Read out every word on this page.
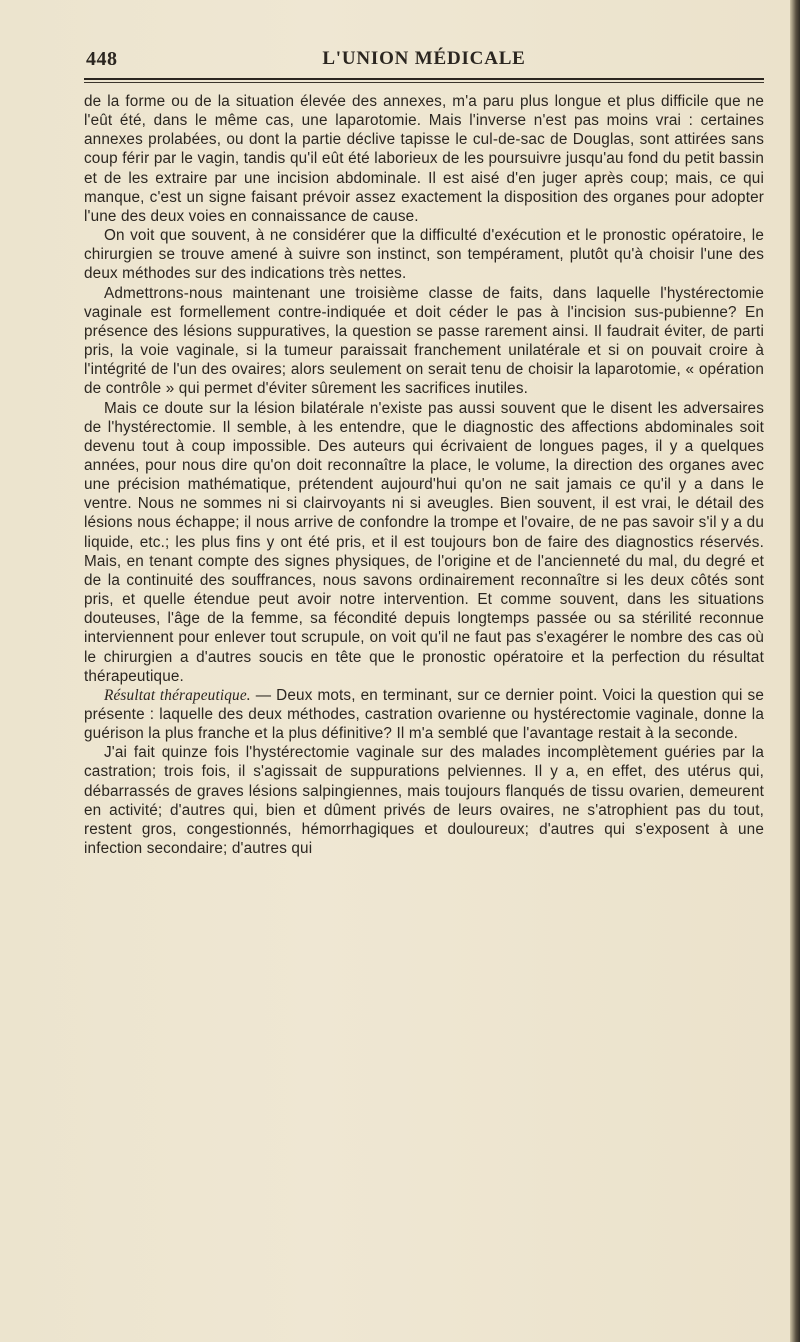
448	L'UNION MÉDICALE

de la forme ou de la situation élevée des annexes, m'a paru plus longue et plus difficile que ne l'eût été, dans le même cas, une laparotomie. Mais l'inverse n'est pas moins vrai : certaines annexes prolabées, ou dont la partie déclive tapisse le cul-de-sac de Douglas, sont attirées sans coup férir par le vagin, tandis qu'il eût été laborieux de les poursuivre jusqu'au fond du petit bassin et de les extraire par une incision abdominale. Il est aisé d'en juger après coup; mais, ce qui manque, c'est un signe faisant prévoir assez exactement la disposition des organes pour adopter l'une des deux voies en connaissance de cause.

On voit que souvent, à ne considérer que la difficulté d'exécution et le pronostic opératoire, le chirurgien se trouve amené à suivre son instinct, son tempérament, plutôt qu'à choisir l'une des deux méthodes sur des indications très nettes.

Admettrons-nous maintenant une troisième classe de faits, dans laquelle l'hystérectomie vaginale est formellement contre-indiquée et doit céder le pas à l'incision sus-pubienne? En présence des lésions suppuratives, la question se passe rarement ainsi. Il faudrait éviter, de parti pris, la voie vaginale, si la tumeur paraissait franchement unilatérale et si on pouvait croire à l'intégrité de l'un des ovaires; alors seulement on serait tenu de choisir la laparotomie, « opération de contrôle » qui permet d'éviter sûrement les sacrifices inutiles.

Mais ce doute sur la lésion bilatérale n'existe pas aussi souvent que le disent les adversaires de l'hystérectomie. Il semble, à les entendre, que le diagnostic des affections abdominales soit devenu tout à coup impossible. Des auteurs qui écrivaient de longues pages, il y a quelques années, pour nous dire qu'on doit reconnaître la place, le volume, la direction des organes avec une précision mathématique, prétendent aujourd'hui qu'on ne sait jamais ce qu'il y a dans le ventre. Nous ne sommes ni si clairvoyants ni si aveugles. Bien souvent, il est vrai, le détail des lésions nous échappe; il nous arrive de confondre la trompe et l'ovaire, de ne pas savoir s'il y a du liquide, etc.; les plus fins y ont été pris, et il est toujours bon de faire des diagnostics réservés. Mais, en tenant compte des signes physiques, de l'origine et de l'ancienneté du mal, du degré et de la continuité des souffrances, nous savons ordinairement reconnaître si les deux côtés sont pris, et quelle étendue peut avoir notre intervention. Et comme souvent, dans les situations douteuses, l'âge de la femme, sa fécondité depuis longtemps passée ou sa stérilité reconnue interviennent pour enlever tout scrupule, on voit qu'il ne faut pas s'exagérer le nombre des cas où le chirurgien a d'autres soucis en tête que le pronostic opératoire et la perfection du résultat thérapeutique.

Résultat thérapeutique. — Deux mots, en terminant, sur ce dernier point. Voici la question qui se présente : laquelle des deux méthodes, castration ovarienne ou hystérectomie vaginale, donne la guérison la plus franche et la plus définitive? Il m'a semblé que l'avantage restait à la seconde.

J'ai fait quinze fois l'hystérectomie vaginale sur des malades incomplètement guéries par la castration; trois fois, il s'agissait de suppurations pelviennes. Il y a, en effet, des utérus qui, débarrassés de graves lésions salpingiennes, mais toujours flanqués de tissu ovarien, demeurent en activité; d'autres qui, bien et dûment privés de leurs ovaires, ne s'atrophient pas du tout, restent gros, congestionnés, hémorrhagiques et douloureux; d'autres qui s'exposent à une infection secondaire; d'autres qui
